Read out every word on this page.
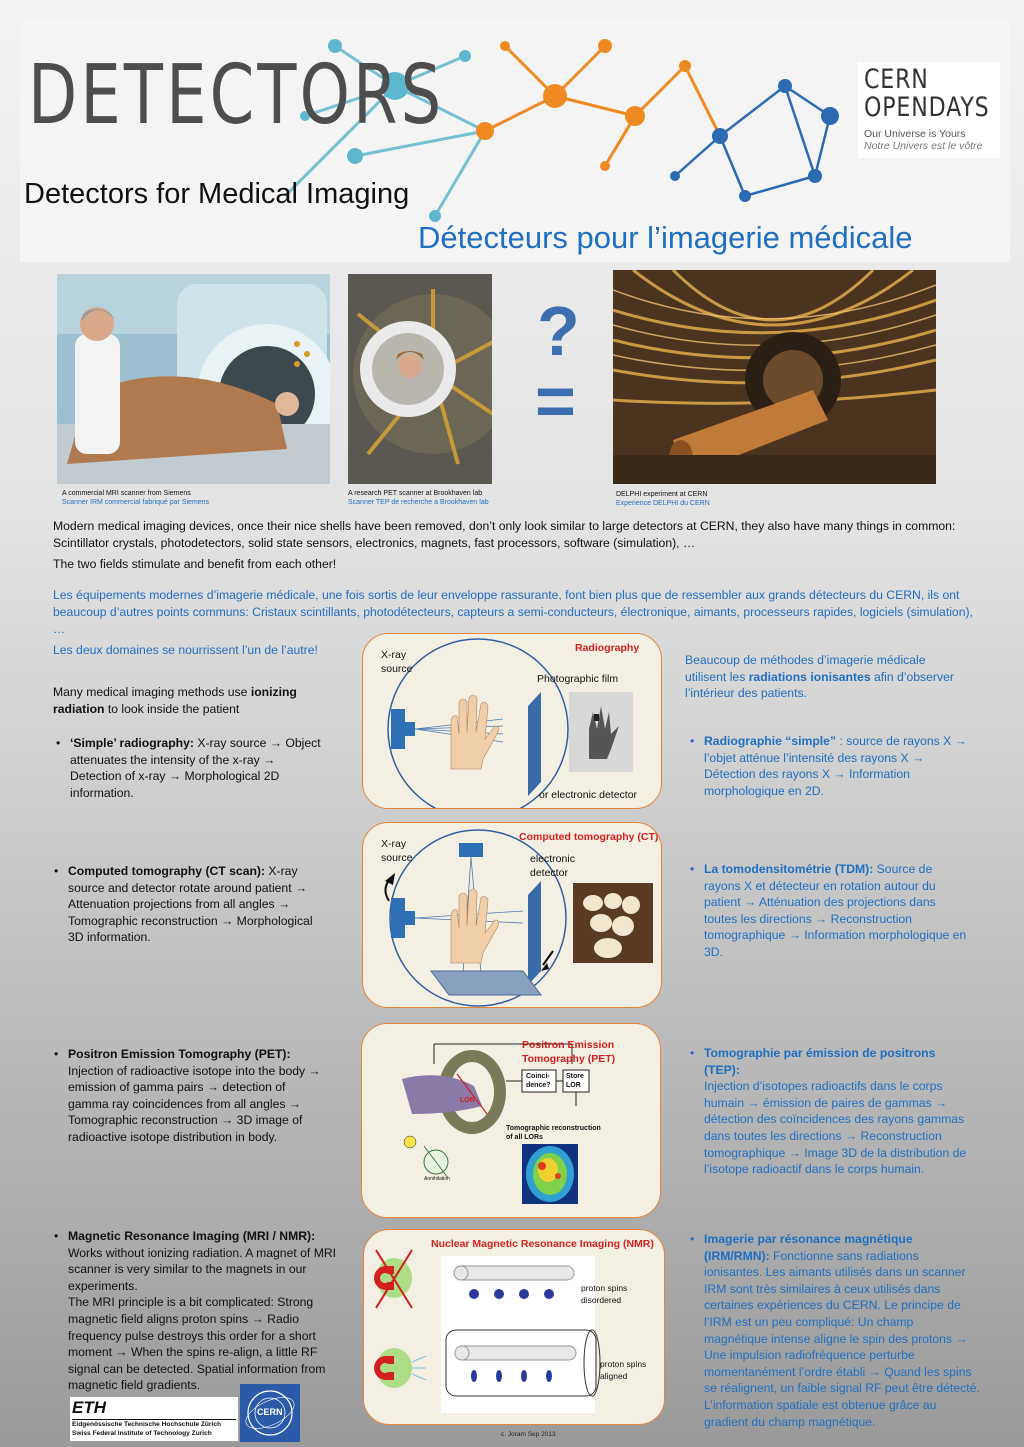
DETECTORS	CERN
OPENDAYS
Our Universe is Yours
Notre Univers est le vôtre
Detectors for Medical Imaging
Détecteurs pour l’imagerie médicale
A commercial MRI scanner from Siemens
Scanner IRM commercial fabriqué par Siemens
A research PET scanner at Brookhaven lab
Scanner TEP de recherche a Brookhaven lab
?
=
DELPHI experiment at CERN
Experience DELPHI du CERN
Modern medical imaging devices, once their nice shells have been removed, don’t only look similar to large detectors at CERN, they also have many things in common: Scintillator crystals, photodetectors, solid state sensors, electronics, magnets, fast processors, software (simulation), …
The two fields stimulate and benefit from each other!
Les équipements modernes d’imagerie médicale, une fois sortis de leur enveloppe rassurante, font bien plus que de ressembler aux grands détecteurs du CERN, ils ont beaucoup d’autres points communs: Cristaux scintillants, photodétecteurs, capteurs a semi-conducteurs, électronique, aimants, processeurs rapides, logiciels (simulation), …
Les deux domaines se nourrissent l’un de l’autre!
Many medical imaging methods use ionizing radiation to look inside the patient
• ‘Simple’ radiography: X-ray source → Object attenuates the intensity of the x-ray → Detection of x-ray → Morphological 2D information.
• Computed tomography (CT scan): X-ray source and detector rotate around patient → Attenuation projections from all angles → Tomographic reconstruction → Morphological 3D information.
• Positron Emission Tomography (PET):
Injection of radioactive isotope into the body → emission of gamma pairs → detection of gamma ray coincidences from all angles → Tomographic reconstruction → 3D image of radioactive isotope distribution in body.
• Magnetic Resonance Imaging (MRI / NMR):
Works without ionizing radiation. A magnet of MRI scanner is very similar to the magnets in our experiments.
The MRI principle is a bit complicated: Strong magnetic field aligns proton spins → Radio frequency pulse destroys this order for a short moment → When the spins re-align, a little RF signal can be detected. Spatial information from magnetic field gradients.
Beaucoup de méthodes d’imagerie médicale utilisent les radiations ionisantes afin d’observer l’intérieur des patients.
• Radiographie “simple” : source de rayons X → l’objet atténue l’intensité des rayons X → Détection des rayons X → Information morphologique en 2D.
• La tomodensitométrie (TDM): Source de rayons X et détecteur en rotation autour du patient → Atténuation des projections dans toutes les directions → Reconstruction tomographique → Information morphologique en 3D.
• Tomographie par émission de positrons (TEP):
Injection d’isotopes radioactifs dans le corps humain → émission de paires de gammas → détection des coïncidences des rayons gammas dans toutes les directions → Reconstruction tomographique → Image 3D de la distribution de l’isotope radioactif dans le corps humain.
• Imagerie par résonance magnétique (IRM/RMN): Fonctionne sans radiations ionisantes. Les aimants utilisés dans un scanner IRM sont très similaires à ceux utilisés dans certaines expériences du CERN. Le principe de l’IRM est un peu compliqué: Un champ magnétique intense aligne le spin des protons → Une impulsion radiofréquence perturbe momentanément l’ordre établi → Quand les spins se réalignent, un faible signal RF peut être détecté. L’information spatiale est obtenue grâce au gradient du champ magnétique.
Radiography
X-ray
source
Photographic film
or electronic detector
Computed tomography (CT)
X-ray
source	electronic
detector
Positron Emission
Tomography (PET)
Coinci-
dence?
Store
LOR
LOR
Tomographic reconstruction
of all LORs
Annihilation
Nuclear Magnetic Resonance Imaging (NMR)
proton spins
disordered
proton spins
aligned
ETH
Eidgenössische Technische Hochschule Zürich
Swiss Federal Institute of Technology Zurich
CERN
c. Joram Sep 2013
